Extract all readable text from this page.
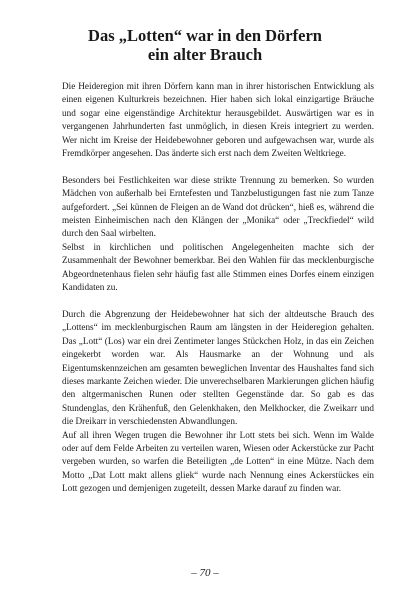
Das „Lotten“ war in den Dörfern
ein alter Brauch

Die Heideregion mit ihren Dörfern kann man in ihrer historischen Entwicklung als einen eigenen Kulturkreis bezeichnen. Hier haben sich lokal einzigartige Bräuche und sogar eine eigenständige Architektur herausgebildet. Auswärtigen war es in vergangenen Jahrhunderten fast unmöglich, in diesen Kreis integriert zu werden. Wer nicht im Kreise der Heidebewohner geboren und aufgewachsen war, wurde als Fremdkörper angesehen. Das änderte sich erst nach dem Zweiten Weltkriege.

Besonders bei Festlichkeiten war diese strikte Trennung zu bemerken. So wurden Mädchen von außerhalb bei Erntefesten und Tanzbelustigungen fast nie zum Tanze aufgefordert. „Sei künnen de Fleigen an de Wand dot drücken“, hieß es, während die meisten Einheimischen nach den Klängen der „Monika“ oder „Treckfiedel“ wild durch den Saal wirbelten.

Selbst in kirchlichen und politischen Angelegenheiten machte sich der Zusammenhalt der Bewohner bemerkbar. Bei den Wahlen für das mecklenburgische Abgeordnetenhaus fielen sehr häufig fast alle Stimmen eines Dorfes einem einzigen Kandidaten zu.

Durch die Abgrenzung der Heidebewohner hat sich der altdeutsche Brauch des „Lottens“ im mecklenburgischen Raum am längsten in der Heideregion gehalten. Das „Lott“ (Los) war ein drei Zentimeter langes Stückchen Holz, in das ein Zeichen eingekerbt worden war. Als Hausmarke an der Wohnung und als Eigentumskennzeichen am gesamten beweglichen Inventar des Haushaltes fand sich dieses markante Zeichen wieder. Die unverechselbaren Markierungen glichen häufig den altgermanischen Runen oder stellten Gegenstände dar. So gab es das Stundenglas, den Krähenfuß, den Gelenkhaken, den Melkhocker, die Zweikarr und die Dreikarr in verschiedensten Abwandlungen.

Auf all ihren Wegen trugen die Bewohner ihr Lott stets bei sich. Wenn im Walde oder auf dem Felde Arbeiten zu verteilen waren, Wiesen oder Ackerstücke zur Pacht vergeben wurden, so warfen die Beteiligten „de Lotten“ in eine Mütze. Nach dem Motto „Dat Lott makt allens gliek“ wurde nach Nennung eines Ackerstückes ein Lott gezogen und demjenigen zugeteilt, dessen Marke darauf zu finden war.

– 70 –
